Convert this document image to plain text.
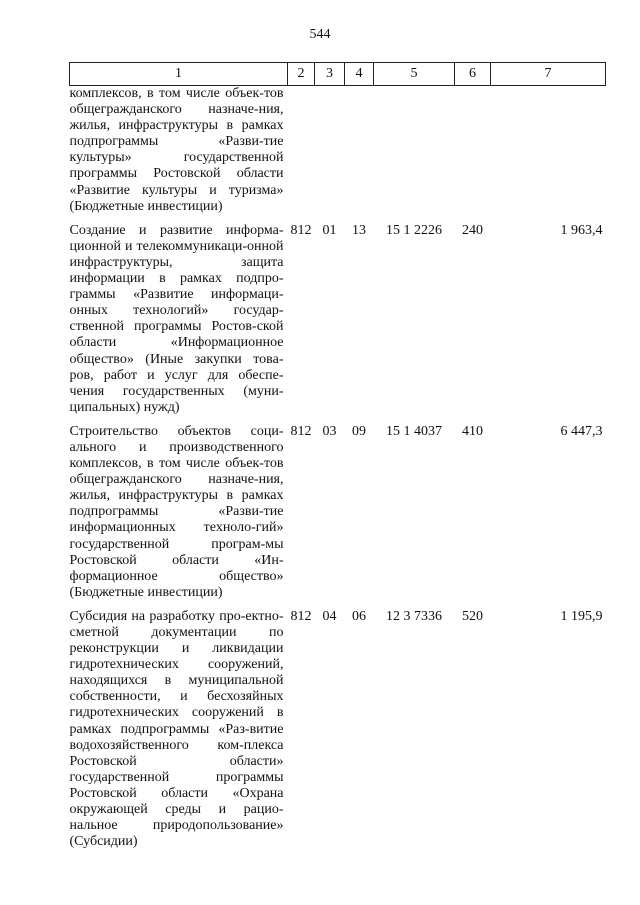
544
1	2	3	4	5	6	7
комплексов, в том числе объек-тов общегражданского назначе-ния, жилья, инфраструктуры в рамках подпрограммы «Разви-тие культуры» государственной программы Ростовской области «Развитие культуры и туризма» (Бюджетные инвестиции)						
Создание и развитие информа-ционной и телекоммуникаци-онной инфраструктуры, защита информации в рамках подпро-граммы «Развитие информаци-онных технологий» государ-ственной программы Ростов-ской области «Информационное общество» (Иные закупки това-ров, работ и услуг для обеспе-чения государственных (муни-ципальных) нужд)	812	01	13	15 1 2226	240	1 963,4
Строительство объектов соци-ального и производственного комплексов, в том числе объек-тов общегражданского назначе-ния, жилья, инфраструктуры в рамках подпрограммы «Разви-тие информационных техноло-гий» государственной програм-мы Ростовской области «Ин-формационное общество» (Бюджетные инвестиции)	812	03	09	15 1 4037	410	6 447,3
Субсидия на разработку про-ектно-сметной документации по реконструкции и ликвидации гидротехнических сооружений, находящихся в муниципальной собственности, и бесхозяйных гидротехнических сооружений в рамках подпрограммы «Раз-витие водохозяйственного ком-плекса Ростовской области» государственной программы Ростовской области «Охрана окружающей среды и рацио-нальное природопользование» (Субсидии)	812	04	06	12 3 7336	520	1 195,9
